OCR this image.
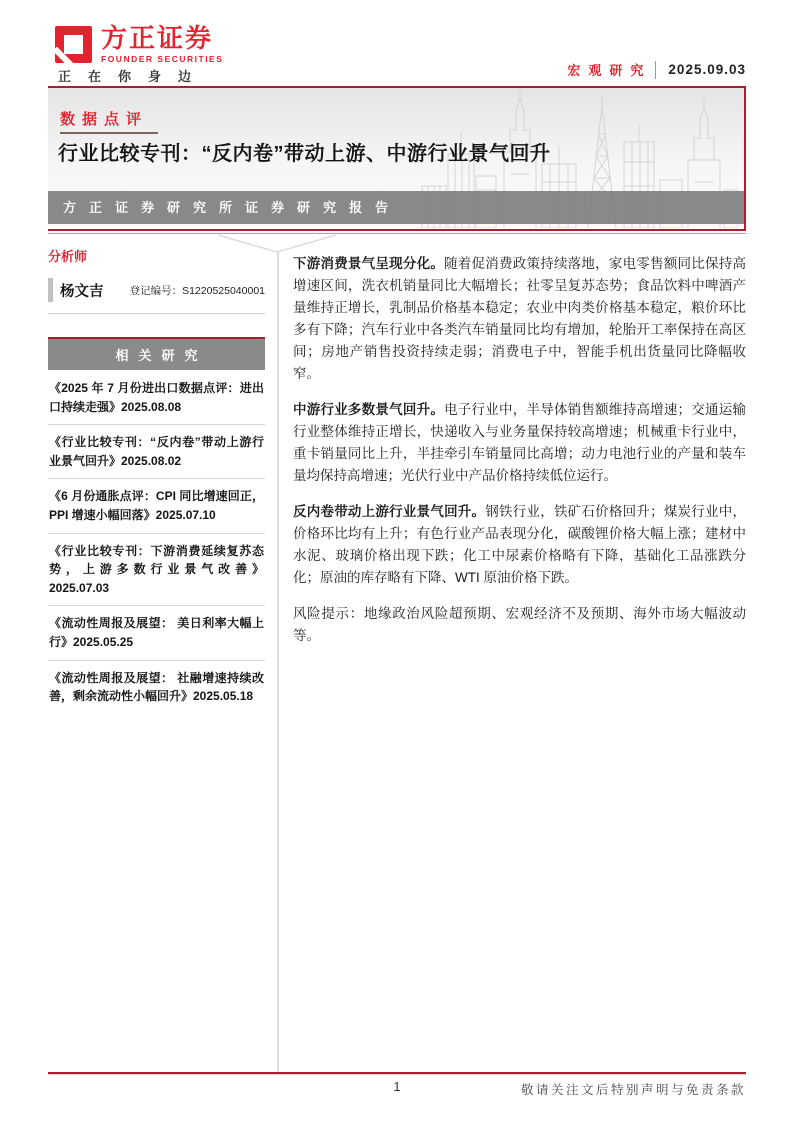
方正证券
FOUNDER SECURITIES
正在你身边	宏观研究 2025.09.03
数据点评
行业比较专刊：“反内卷”带动上游、中游行业景气回升
方正证券研究所证券研究报告
分析师
杨文吉 登记编号：S1220525040001
相关研究
《2025 年 7 月份进出口数据点评：进出口持续走强》2025.08.08
《行业比较专刊：“反内卷”带动上游行业景气回升》2025.08.02
《6 月份通胀点评：CPI 同比增速回正，PPI 增速小幅回落》2025.07.10
《行业比较专刊：下游消费延续复苏态势，上游多数行业景气改善》2025.07.03
《流动性周报及展望： 美日利率大幅上行》2025.05.25
《流动性周报及展望： 社融增速持续改善，剩余流动性小幅回升》2025.05.18

下游消费景气呈现分化。随着促消费政策持续落地，家电零售额同比保持高增速区间，洗衣机销量同比大幅增长；社零呈复苏态势；食品饮料中啤酒产量维持正增长，乳制品价格基本稳定；农业中肉类价格基本稳定，粮价环比多有下降；汽车行业中各类汽车销量同比均有增加，轮胎开工率保持在高区间；房地产销售投资持续走弱；消费电子中，智能手机出货量同比降幅收窄。

中游行业多数景气回升。电子行业中，半导体销售额维持高增速；交通运输行业整体维持正增长，快递收入与业务量保持较高增速；机械重卡行业中，重卡销量同比上升，半挂牵引车销量同比高增；动力电池行业的产量和装车量均保持高增速；光伏行业中产品价格持续低位运行。

反内卷带动上游行业景气回升。钢铁行业，铁矿石价格回升；煤炭行业中，价格环比均有上升；有色行业产品表现分化，碳酸锂价格大幅上涨；建材中水泥、玻璃价格出现下跌；化工中尿素价格略有下降，基础化工品涨跌分化；原油的库存略有下降、WTI 原油价格下跌。

风险提示：地缘政治风险超预期、宏观经济不及预期、海外市场大幅波动等。

1	敬请关注文后特别声明与免责条款
